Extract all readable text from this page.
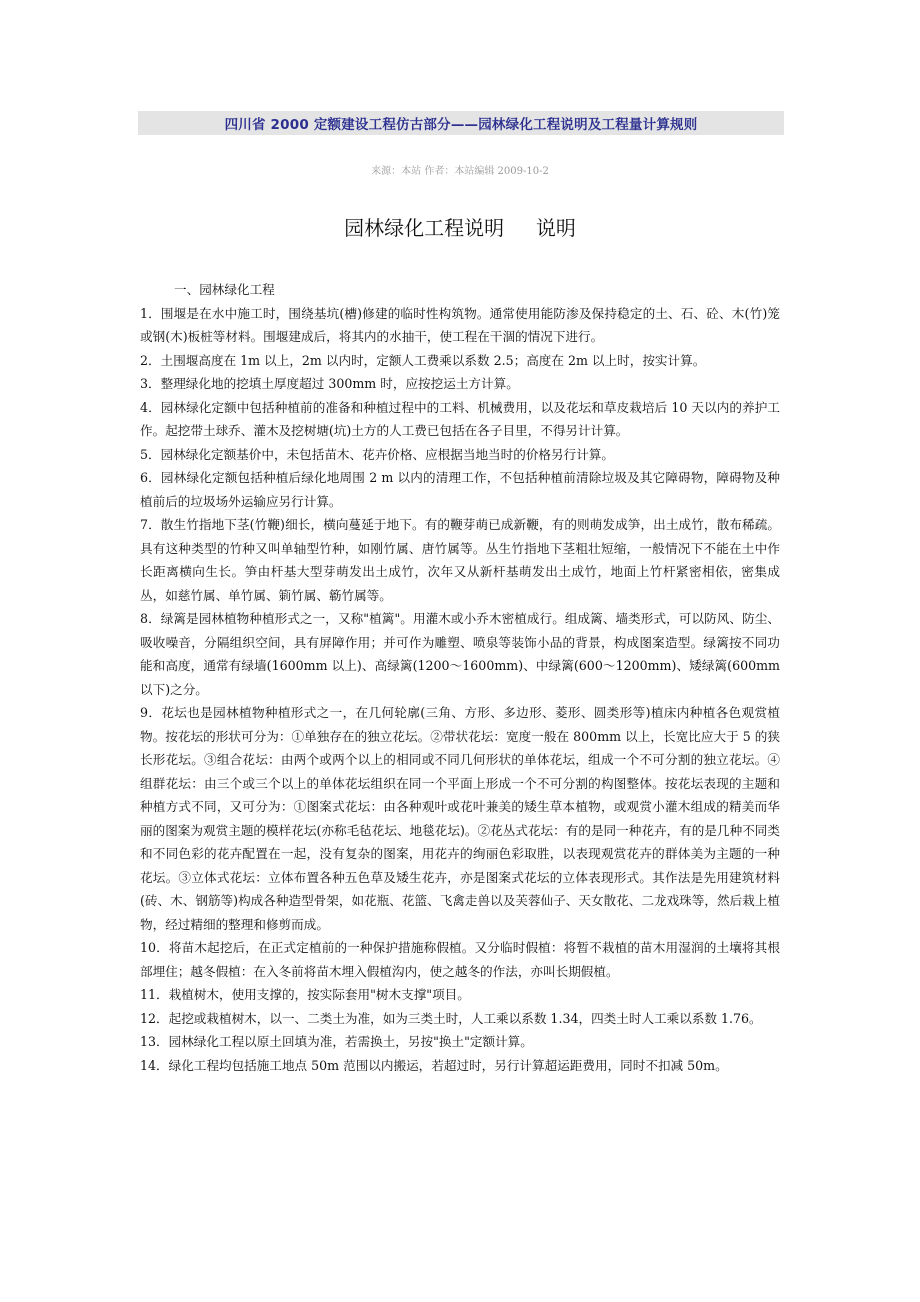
四川省 2000 定额建设工程仿古部分——园林绿化工程说明及工程量计算规则
来源：本站 作者：本站编辑 2009-10-2
园林绿化工程说明     说明

一、园林绿化工程

1．围堰是在水中施工时，围绕基坑(槽)修建的临时性构筑物。通常使用能防渗及保持稳定的土、石、砼、木(竹)笼或钢(木)板桩等材料。围堰建成后，将其内的水抽干，使工程在干涸的情况下进行。

2．土围堰高度在 1m 以上，2m 以内时，定额人工费乘以系数 2.5；高度在 2m 以上时，按实计算。

3．整理绿化地的挖填土厚度超过 300mm 时，应按挖运土方计算。

4．园林绿化定额中包括种植前的准备和种植过程中的工料、机械费用，以及花坛和草皮栽培后 10 天以内的养护工作。起挖带土球乔、灌木及挖树塘(坑)土方的人工费已包括在各子目里，不得另计计算。

5．园林绿化定额基价中，未包括苗木、花卉价格、应根据当地当时的价格另行计算。

6．园林绿化定额包括种植后绿化地周围 2 m 以内的清理工作，不包括种植前清除垃圾及其它障碍物，障碍物及种植前后的垃圾场外运输应另行计算。

7．散生竹指地下茎(竹鞭)细长，横向蔓延于地下。有的鞭芽萌已成新鞭，有的则萌发成笋，出土成竹，散布稀疏。具有这种类型的竹种又叫单轴型竹种，如刚竹属、唐竹属等。丛生竹指地下茎粗壮短缩，一般情况下不能在土中作长距离横向生长。笋由杆基大型芽萌发出土成竹，次年又从新杆基萌发出土成竹，地面上竹杆紧密相依，密集成丛，如慈竹属、单竹属、箣竹属、簕竹属等。

8．绿篱是园林植物种植形式之一，又称"植篱"。用灌木或小乔木密植成行。组成篱、墙类形式，可以防风、防尘、吸收噪音，分隔组织空间，具有屏障作用；并可作为雕塑、喷泉等装饰小品的背景，构成图案造型。绿篱按不同功能和高度，通常有绿墙(1600mm 以上)、高绿篱(1200～1600mm)、中绿篱(600～1200mm)、矮绿篱(600mm 以下)之分。

9．花坛也是园林植物种植形式之一，在几何轮廓(三角、方形、多边形、菱形、圆类形等)植床内种植各色观赏植物。按花坛的形状可分为：①单独存在的独立花坛。②带状花坛：宽度一般在 800mm 以上，长宽比应大于 5 的狭长形花坛。③组合花坛：由两个或两个以上的相同或不同几何形状的单体花坛，组成一个不可分割的独立花坛。④组群花坛：由三个或三个以上的单体花坛组织在同一个平面上形成一个不可分割的构图整体。按花坛表现的主题和种植方式不同，又可分为：①图案式花坛：由各种观叶或花叶兼美的矮生草本植物，或观赏小灌木组成的精美而华丽的图案为观赏主题的模样花坛(亦称毛毡花坛、地毯花坛)。②花丛式花坛：有的是同一种花卉，有的是几种不同类和不同色彩的花卉配置在一起，没有复杂的图案，用花卉的绚丽色彩取胜，以表现观赏花卉的群体美为主题的一种花坛。③立体式花坛：立体布置各种五色草及矮生花卉，亦是图案式花坛的立体表现形式。其作法是先用建筑材料(砖、木、钢筋等)构成各种造型骨架，如花瓶、花篮、飞禽走兽以及芙蓉仙子、天女散花、二龙戏珠等，然后栽上植物，经过精细的整理和修剪而成。

10．将苗木起挖后，在正式定植前的一种保护措施称假植。又分临时假植：将暂不栽植的苗木用湿润的土壤将其根部埋住；越冬假植：在入冬前将苗木埋入假植沟内，使之越冬的作法，亦叫长期假植。

11．栽植树木，使用支撑的，按实际套用"树木支撑"项目。

12．起挖或栽植树木，以一、二类土为准，如为三类土时，人工乘以系数 1.34，四类土时人工乘以系数 1.76。

13．园林绿化工程以原土回填为准，若需换土，另按"换土"定额计算。

14．绿化工程均包括施工地点 50m 范围以内搬运，若超过时，另行计算超运距费用，同时不扣减 50m。
